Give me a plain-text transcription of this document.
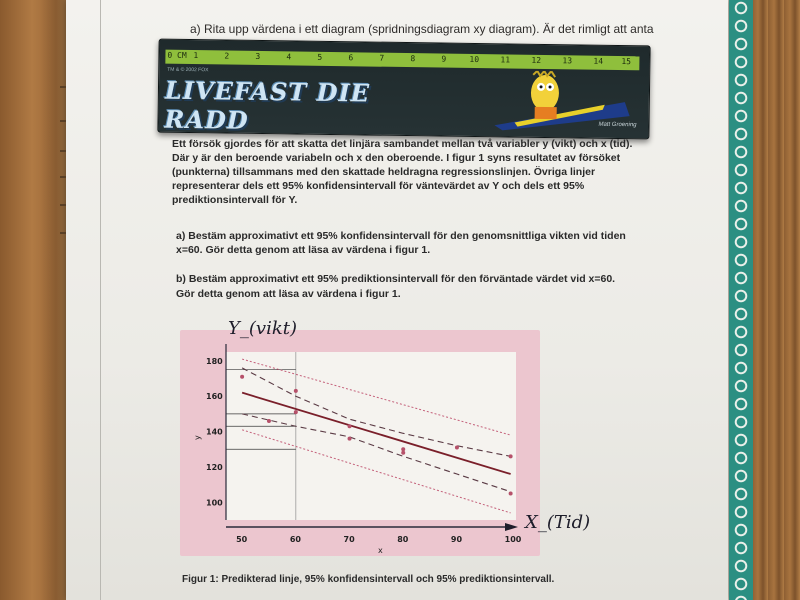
a) Rita upp värdena i ett diagram (spridningsdiagram xy diagram). Är det rimligt att anta
0 CM 1	2	3	4	5	6	7	8	9	10	11	12	13	14 15
TM & © 2002 FOX
LIVEFAST DIE RADD	Matt Groening
Ett försök gjordes för att skatta det linjära sambandet mellan två variabler y (vikt) och x (tid).
Där y är den beroende variabeln och x den oberoende. I figur 1 syns resultatet av försöket
(punkterna) tillsammans med den skattade heldragna regressionslinjen. Övriga linjer
representerar dels ett 95% konfidensintervall för väntevärdet av Y och dels ett 95%
prediktionsintervall för Y.
a) Bestäm approximativt ett 95% konfidensintervall för den genomsnittliga vikten vid tiden
x=60. Gör detta genom att läsa av värdena i figur 1.
b) Bestäm approximativt ett 95% prediktionsintervall för den förväntade värdet vid x=60.
Gör detta genom att läsa av värdena i figur 1.
50	60	70	80	90	100
100
120
140
160
180
x
y
Y_(vikt)
X_(Tid)
Figur 1: Predikterad linje, 95% konfidensintervall och 95% prediktionsintervall.
